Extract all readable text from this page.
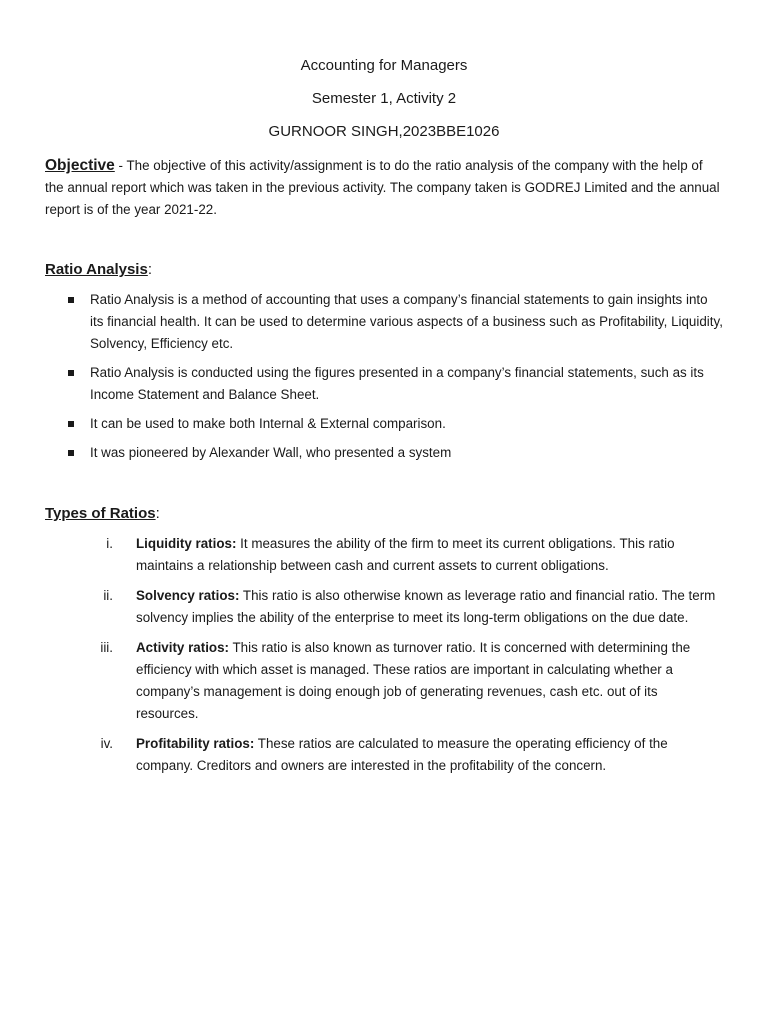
Accounting for Managers

Semester 1, Activity 2

GURNOOR SINGH,2023BBE1026

Objective - The objective of this activity/assignment is to do the ratio analysis of the company with the help of the annual report which was taken in the previous activity. The company taken is GODREJ Limited and the annual report is of the year 2021-22.
Ratio Analysis:
Ratio Analysis is a method of accounting that uses a company’s financial statements to gain insights into its financial health. It can be used to determine various aspects of a business such as Profitability, Liquidity, Solvency, Efficiency etc.
Ratio Analysis is conducted using the figures presented in a company’s financial statements, such as its Income Statement and Balance Sheet.
It can be used to make both Internal & External comparison.
It was pioneered by Alexander Wall, who presented a system
Types of Ratios:
i. Liquidity ratios: It measures the ability of the firm to meet its current obligations. This ratio maintains a relationship between cash and current assets to current obligations.
ii. Solvency ratios: This ratio is also otherwise known as leverage ratio and financial ratio. The term solvency implies the ability of the enterprise to meet its long-term obligations on the due date.
iii. Activity ratios: This ratio is also known as turnover ratio. It is concerned with determining the efficiency with which asset is managed. These ratios are important in calculating whether a company’s management is doing enough job of generating revenues, cash etc. out of its resources.
iv. Profitability ratios: These ratios are calculated to measure the operating efficiency of the company. Creditors and owners are interested in the profitability of the concern.
